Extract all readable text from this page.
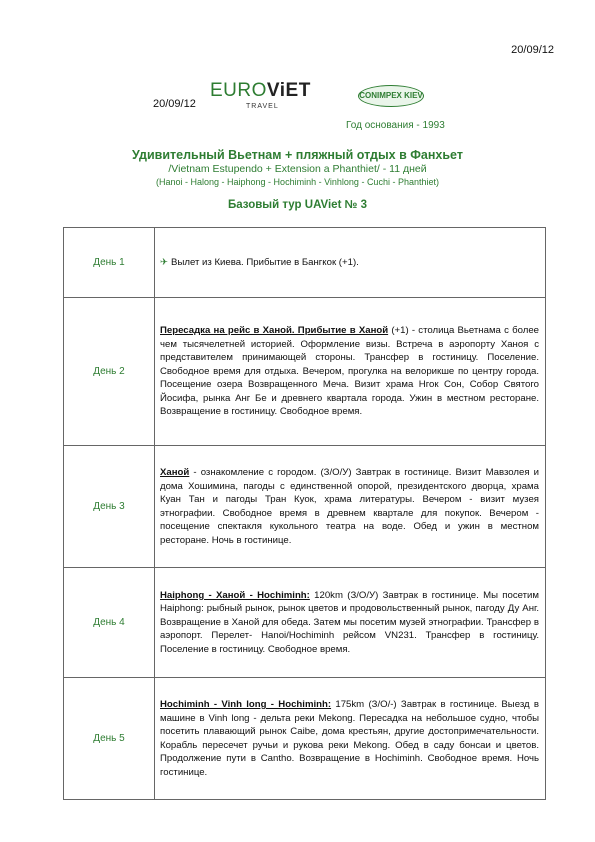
20/09/12
20/09/12
EUROViET
TRAVEL
CONIMPEX KIEV
Год основания - 1993
Удивительный Вьетнам + пляжный отдых в Фанхьет
/Vietnam Estupendo + Extension a Phanthiet/ - 11 дней
(Hanoi - Halong - Haiphong - Hochiminh - Vinhlong - Cuchi - Phanthiet)
Базовый тур UAViet № 3
День 1	✈ Вылет из Киева. Прибытие в Бангкок (+1).
День 2	Пересадка на рейс в Ханой. Прибытие в Ханой (+1) - столица Вьетнама с более чем тысячелетней историей. Оформление визы. Встреча в аэропорту Ханоя с представителем принимающей стороны. Трансфер в гостиницу. Поселение. Свободное время для отдыха. Вечером, прогулка на велорикше по центру города. Посещение озера Возвращенного Меча. Визит храма Нгок Сон, Собор Святого Йосифа, рынка Анг Бе и древнего квартала города. Ужин в местном ресторане. Возвращение в гостиницу. Свободное время.
День 3	Ханой - ознакомление с городом. (З/О/У) Завтрак в гостинице. Визит Мавзолея и дома Хошимина, пагоды с единственной опорой, президентского дворца, храма Куан Тан и пагоды Тран Куок, храма литературы. Вечером - визит музея этнографии. Свободное время в древнем квартале для покупок. Вечером - посещение спектакля кукольного театра на воде. Обед и ужин в местном ресторане. Ночь в гостинице.
День 4	Haiphong - Ханой - Hochiminh: 120km (З/О/У) Завтрак в гостинице. Мы посетим Haiphong: рыбный рынок, рынок цветов и продовольственный рынок, пагоду Ду Анг. Возвращение в Ханой для обеда. Затем мы посетим музей этнографии. Трансфер в аэропорт. Перелет- Hanoi/Hochiminh рейсом VN231. Трансфер в гостиницу. Поселение в гостиницу. Свободное время.
День 5	Hochiminh - Vinh long - Hochiminh: 175km (З/О/-) Завтрак в гостинице. Выезд в машине в Vinh long - дельта реки Mekong. Пересадка на небольшое судно, чтобы посетить плавающий рынок Caibe, дома крестьян, другие достопримечательности. Корабль пересечет ручьи и рукова реки Mekong. Обед в саду бонсаи и цветов. Продолжение пути в Cantho. Возвращение в Hochiminh. Свободное время. Ночь гостинице.
